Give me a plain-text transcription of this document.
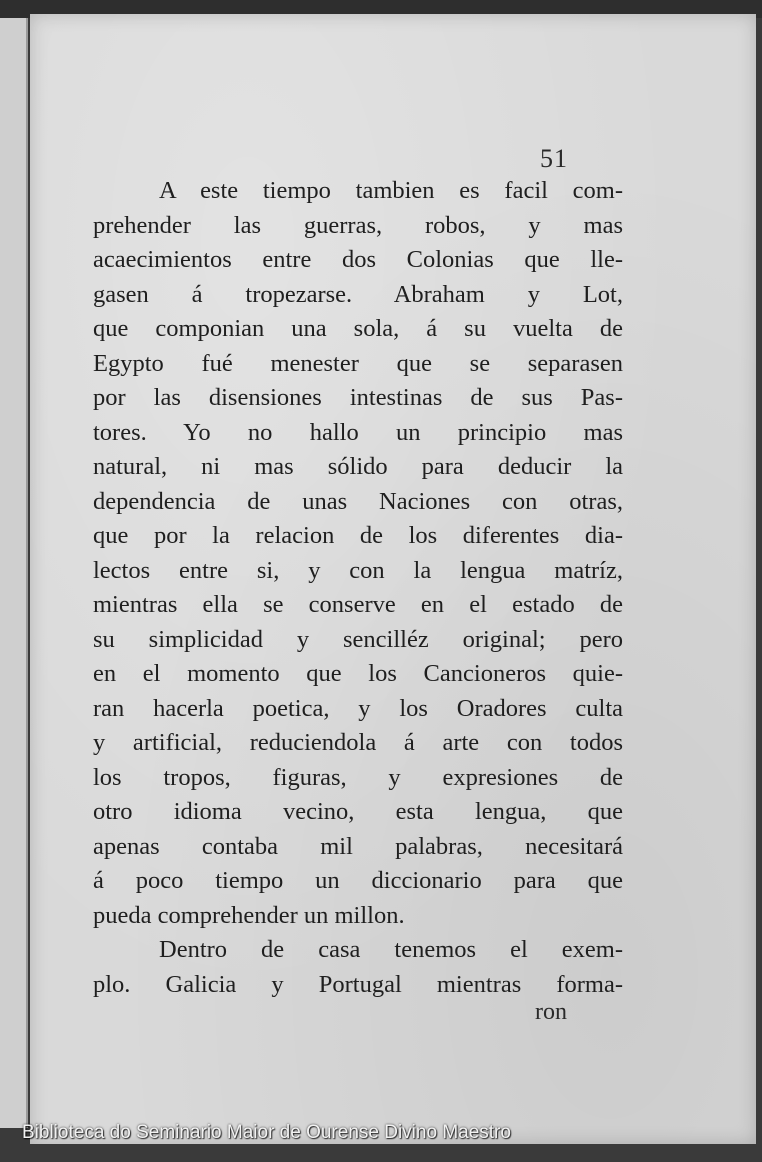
51
A este tiempo tambien es facil com-
prehender las guerras, robos, y mas
acaecimientos entre dos Colonias que lle-
gasen á tropezarse. Abraham y Lot,
que componian una sola, á su vuelta de
Egypto fué menester que se separasen
por las disensiones intestinas de sus Pas-
tores. Yo no hallo un principio mas
natural, ni mas sólido para deducir la
dependencia de unas Naciones con otras,
que por la relacion de los diferentes dia-
lectos entre si, y con la lengua matríz,
mientras ella se conserve en el estado de
su simplicidad y sencilléz original; pero
en el momento que los Cancioneros quie-
ran hacerla poetica, y los Oradores culta
y artificial, reduciendola á arte con todos
los tropos, figuras, y expresiones de
otro idioma vecino, esta lengua, que
apenas contaba mil palabras, necesitará
á poco tiempo un diccionario para que
pueda comprehender un millon.
Dentro de casa tenemos el exem-
plo. Galicia y Portugal mientras forma-
ron
Biblioteca do Seminario Maior de Ourense Divino Maestro
